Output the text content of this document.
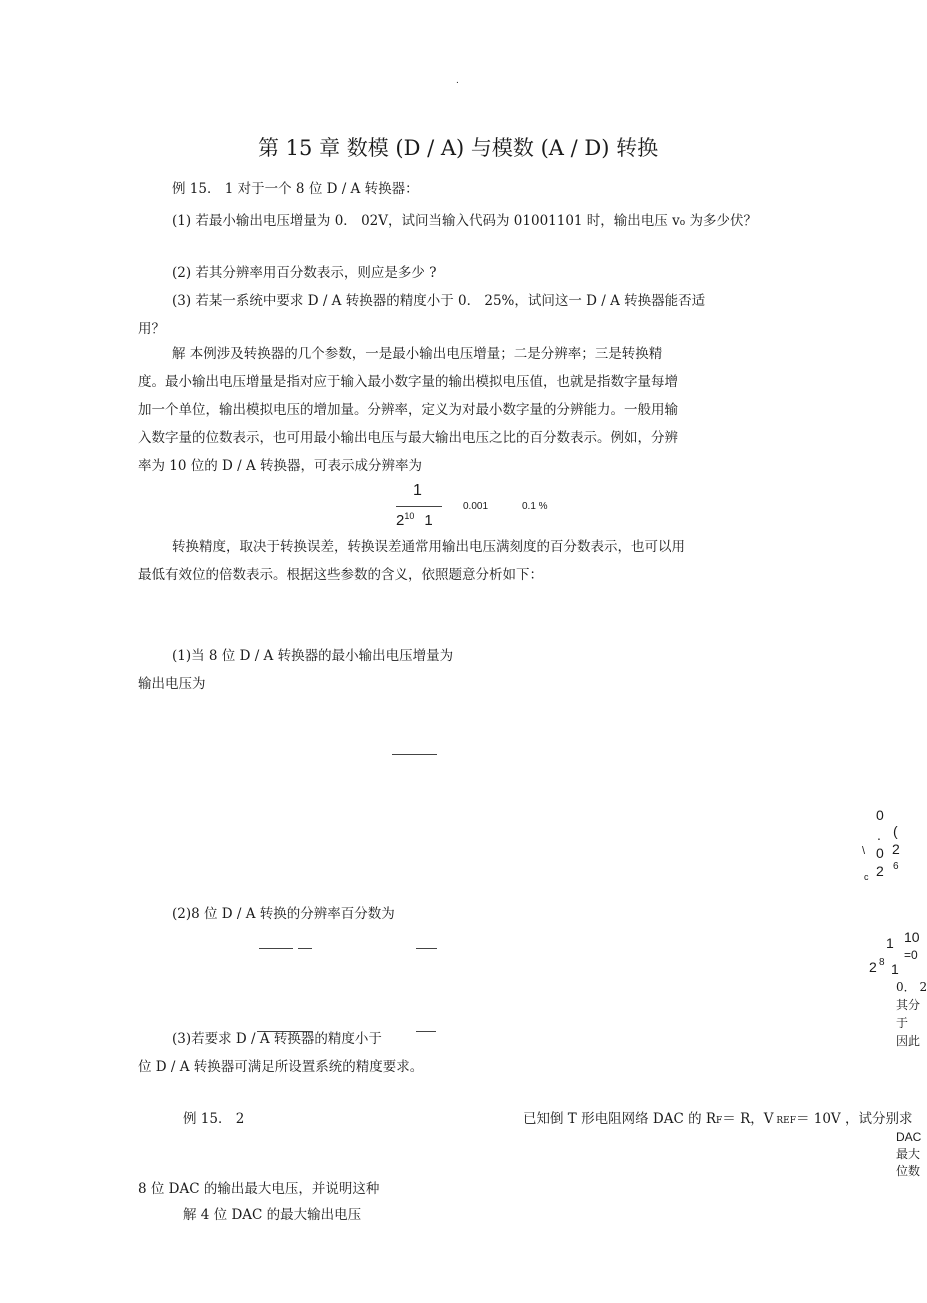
.
第 15 章 数模 (D / A) 与模数 (A / D) 转换
例 15． 1 对于一个 8 位 D / A 转换器：
(1) 若最小输出电压增量为 0． 02V，试问当输入代码为 01001101 时，输出电压 vo 为多少伏？
(2) 若其分辨率用百分数表示，则应是多少 ?
(3) 若某一系统中要求 D / A 转换器的精度小于 0． 25%，试问这一 D / A 转换器能否适
用？
解 本例涉及转换器的几个参数，一是最小输出电压增量；二是分辨率；三是转换精
度。最小输出电压增量是指对应于输入最小数字量的输出模拟电压值，也就是指数字量每增
加一个单位，输出模拟电压的增加量。分辨率，定义为对最小数字量的分辨能力。一般用输
入数字量的位数表示，也可用最小输出电压与最大输出电压之比的百分数表示。例如，分辨
率为 10 位的 D / A 转换器，可表示成分辨率为
1
$2^{10}$ 1
0.001	0.1 %
转换精度，取决于转换误差，转换误差通常用输出电压满刻度的百分数表示，也可以用
最低有效位的倍数表示。根据这些参数的含义，依照题意分析如下：
(1)当 8 位 D / A 转换器的最小输出电压增量为
输出电压为
(2)8 位 D / A 转换的分辨率百分数为
(3)若要求 D / A 转换器的精度小于
位 D / A 转换器可满足所设置系统的精度要求。
0
. (
\ 0 2
c 2 6
1 10
=0
2 8 1
0． 2
其分
于
因此
DAC
最大
位数
例 15． 2	已知倒 T 形电阻网络 DAC 的 RF＝ R，V REF＝ 10V ，试分别求
8 位 DAC 的输出最大电压，并说明这种
解 4 位 DAC 的最大输出电压
